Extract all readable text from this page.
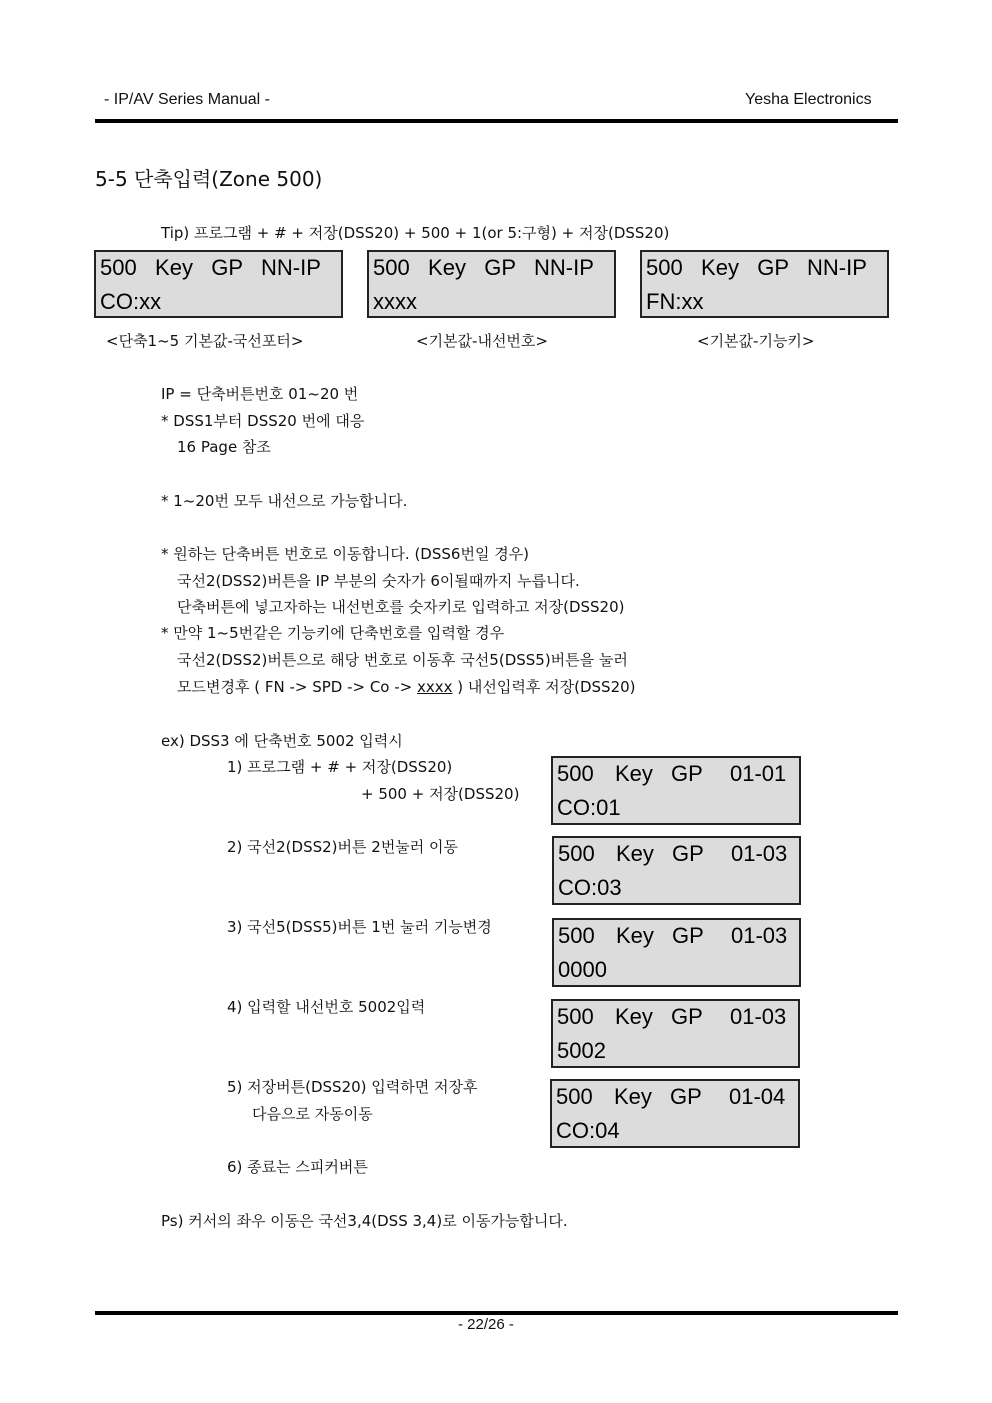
- IP/AV Series Manual -	Yesha Electronics
5-5 단축입력(Zone 500)
Tip) 프로그램 + # + 저장(DSS20) + 500 + 1(or 5:구형) + 저장(DSS20)
500   Key   GP   NN-IP
CO:xx
500   Key   GP   NN-IP
xxxx
500   Key   GP   NN-IP
FN:xx
<단축1~5 기본값-국선포터>	<기본값-내선번호>	<기본값-기능키>
IP = 단축버튼번호 01~20 번
* DSS1부터 DSS20 번에 대응
16 Page 참조
* 1~20번 모두 내선으로 가능합니다.
* 원하는 단축버튼 번호로 이동합니다. (DSS6번일 경우)
국선2(DSS2)버튼을 IP 부분의 숫자가 6이될때까지 누릅니다.
단축버튼에 넣고자하는 내선번호를 숫자키로 입력하고 저장(DSS20)
* 만약 1~5번같은 기능키에 단축번호를 입력할 경우
국선2(DSS2)버튼으로 해당 번호로 이동후 국선5(DSS5)버튼을 눌러
모드변경후 ( FN -> SPD -> Co -> xxxx ) 내선입력후 저장(DSS20)
ex) DSS3 에 단축번호 5002 입력시
1) 프로그램 + # + 저장(DSS20)
+ 500 + 저장(DSS20)

500

Key

GP

01-01

CO:01
2) 국선2(DSS2)버튼 2번눌러 이동

	500

Key

GP

01-03

CO:03
3) 국선5(DSS5)버튼 1번 눌러 기능변경

	500

Key

GP

01-03

0000
4) 입력할 내선번호 5002입력

	500

Key

GP

01-03

5002
5) 저장버튼(DSS20) 입력하면 저장후
다음으로 자동이동

500

Key

GP

01-04

CO:04
6) 종료는 스피커버튼
Ps) 커서의 좌우 이동은 국선3,4(DSS 3,4)로 이동가능합니다.
- 22/26 -
